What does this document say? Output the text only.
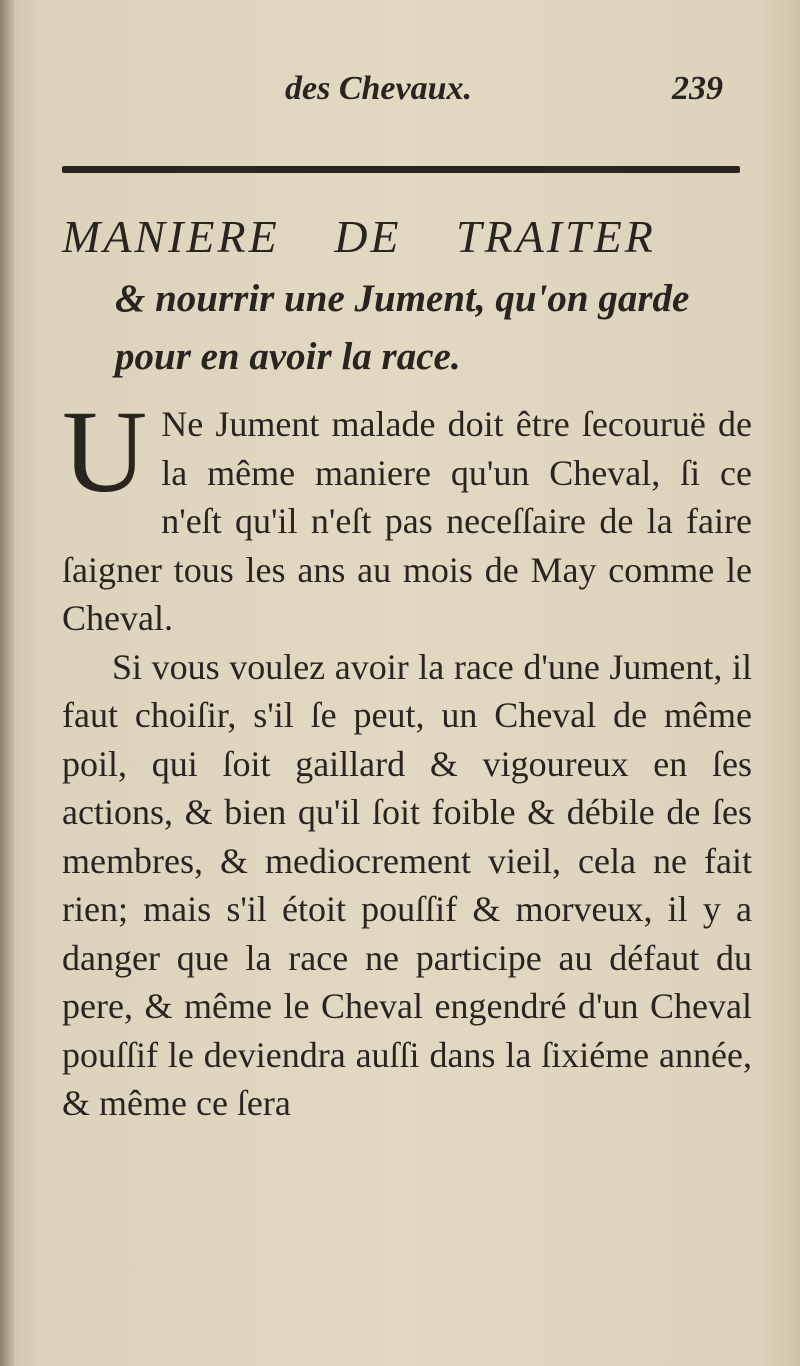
des Chevaux.	239
MANIERE DE TRAITER
& nourrir une Jument, qu'on garde pour en avoir la race.

U Ne Jument malade doit être ſecouruë de la même maniere qu'un Cheval, ſi ce n'eſt qu'il n'eſt pas neceſſaire de la faire ſaigner tous les ans au mois de May comme le Cheval.

Si vous voulez avoir la race d'une Jument, il faut choiſir, s'il ſe peut, un Cheval de même poil, qui ſoit gaillard & vigoureux en ſes actions, & bien qu'il ſoit foible & débile de ſes membres, & mediocrement vieil, cela ne fait rien; mais s'il étoit pouſſif & morveux, il y a danger que la race ne participe au défaut du pere, & même le Cheval engendré d'un Cheval pouſſif le deviendra auſſi dans la ſixiéme année, & même ce ſera
